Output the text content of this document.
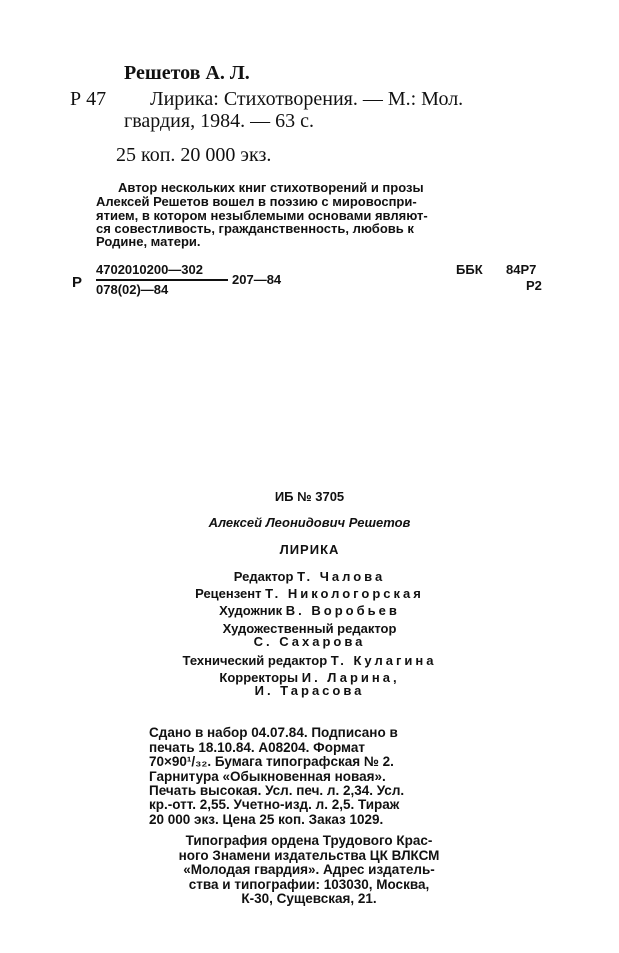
Решетов А. Л.
Р 47 Лирика: Стихотворения. — М.: Мол.
гвардия, 1984. — 63 с.
25 коп. 20 000 экз.
Автор нескольких книг стихотворений и прозы
Алексей Решетов вошел в поэзию с мировоспри-
ятием, в котором незыблемыми основами являют-
ся совестливость, гражданственность, любовь к
Родине, матери.
Р
4702010200—302
078(02)—84
207—84
ББК 84Р7
Р2
ИБ № 3705
Алексей Леонидович Решетов
ЛИРИКА
Редактор Т. Чалова
Рецензент Т. Никологорская
Художник В. Воробьев
Художественный редактор
С. Сахарова
Технический редактор Т. Кулагина
Корректоры И. Ларина,
И. Тарасова

Сдано в набор 04.07.84. Подписано в
печать 18.10.84. А08204. Формат
70×90¹/₃₂. Бумага типографская № 2.
Гарнитура «Обыкновенная новая».
Печать высокая. Усл. печ. л. 2,34. Усл.
кр.-отт. 2,55. Учетно-изд. л. 2,5. Тираж
20 000 экз. Цена 25 коп. Заказ 1029.

Типография ордена Трудового Крас-
ного Знамени издательства ЦК ВЛКСМ
«Молодая гвардия». Адрес издатель-
ства и типографии: 103030, Москва,
К-30, Сущевская, 21.
